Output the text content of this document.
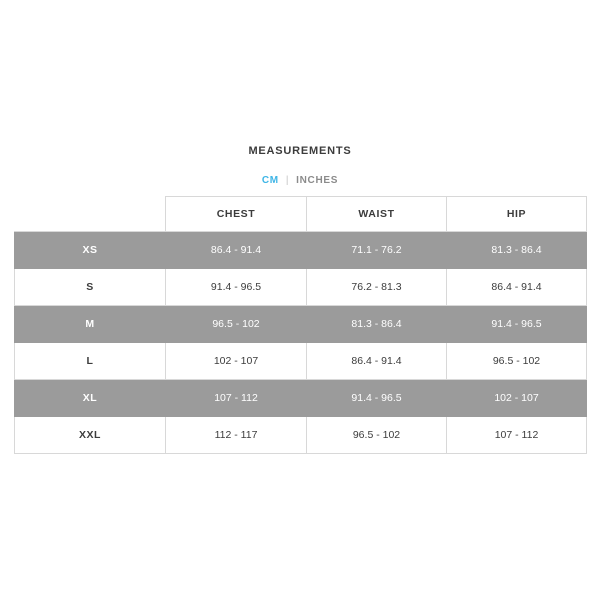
MEASUREMENTS
CM | INCHES
	CHEST	WAIST	HIP
XS	86.4 - 91.4	71.1 - 76.2	81.3 - 86.4
S	91.4 - 96.5	76.2 - 81.3	86.4 - 91.4
M	96.5 - 102	81.3 - 86.4	91.4 - 96.5
L	102 - 107	86.4 - 91.4	96.5 - 102
XL	107 - 112	91.4 - 96.5	102 - 107
XXL	112 - 117	96.5 - 102	107 - 112
